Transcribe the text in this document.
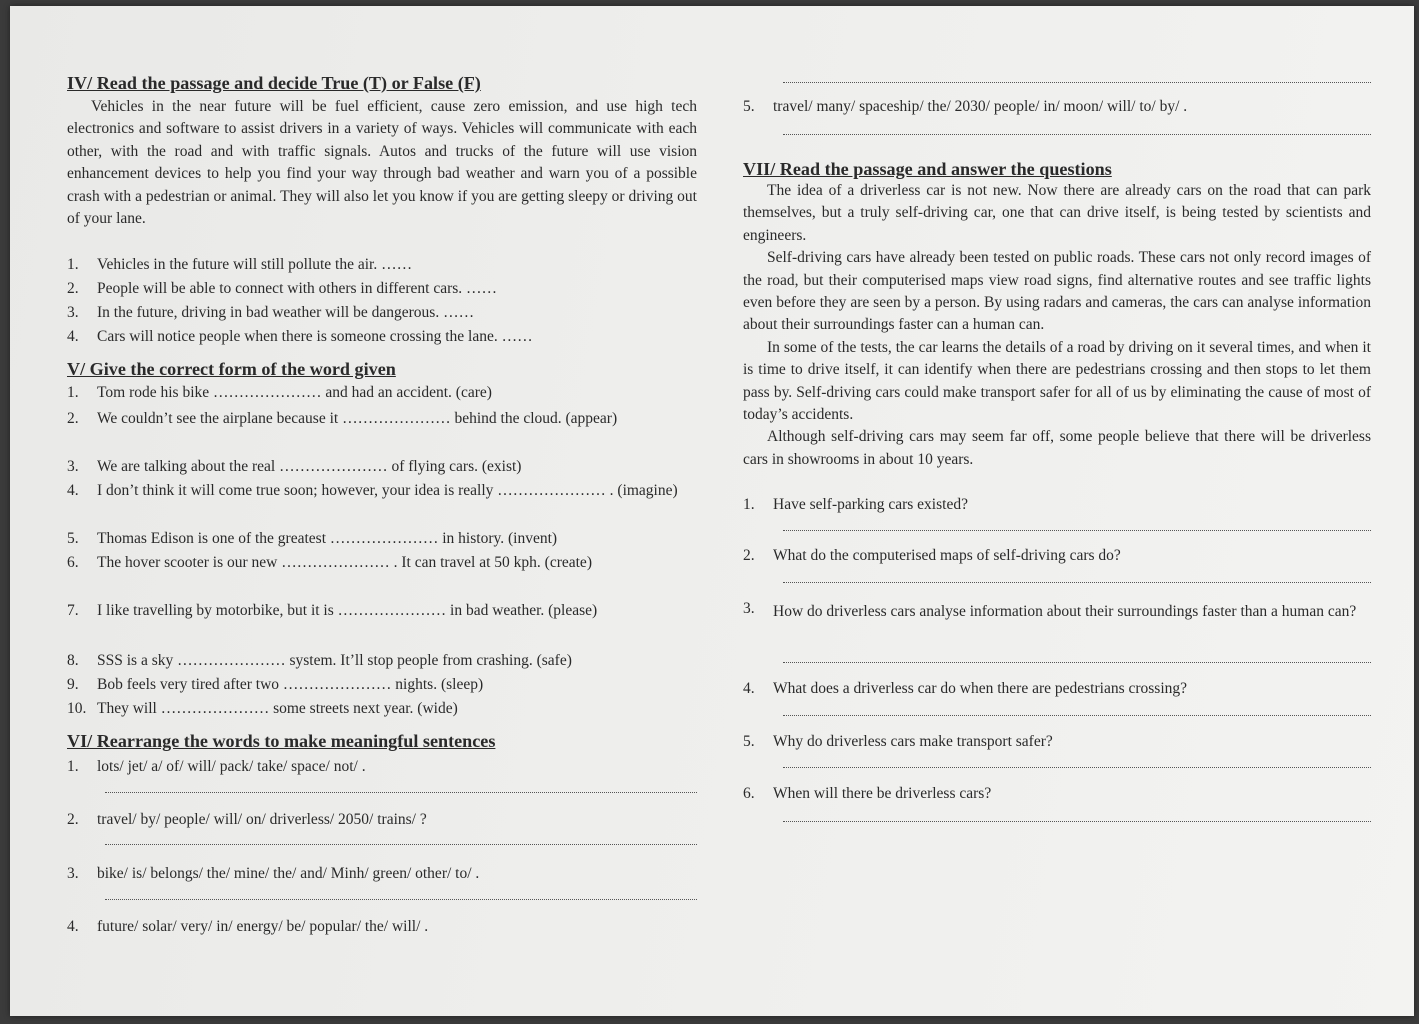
IV/ Read the passage and decide True (T) or False (F)

Vehicles in the near future will be fuel efficient, cause zero emission, and use high tech electronics and software to assist drivers in a variety of ways. Vehicles will communicate with each other, with the road and with traffic signals. Autos and trucks of the future will use vision enhancement devices to help you find your way through bad weather and warn you of a possible crash with a pedestrian or animal. They will also let you know if you are getting sleepy or driving out of your lane.

1.	Vehicles in the future will still pollute the air. ……
2.	People will be able to connect with others in different cars. ……
3.	In the future, driving in bad weather will be dangerous. ……
4.	Cars will notice people when there is someone crossing the lane. ……
V/ Give the correct form of the word given
1.	Tom rode his bike ………………… and had an accident. (care)
2.	We couldn’t see the airplane because it ………………… behind the cloud. (appear)
3.	We are talking about the real ………………… of flying cars. (exist)
4.	I don’t think it will come true soon; however, your idea is really ………………… . (imagine)
5.	Thomas Edison is one of the greatest ………………… in history. (invent)
6.	The hover scooter is our new ………………… . It can travel at 50 kph. (create)
7.	I like travelling by motorbike, but it is ………………… in bad weather. (please)
8.	SSS is a sky ………………… system. It’ll stop people from crashing. (safe)
9.	Bob feels very tired after two ………………… nights. (sleep)
10. They will ………………… some streets next year. (wide)
VI/ Rearrange the words to make meaningful sentences
1.	lots/ jet/ a/ of/ will/ pack/ take/ space/ not/ .
2.	travel/ by/ people/ will/ on/ driverless/ 2050/ trains/ ?
3.	bike/ is/ belongs/ the/ mine/ the/ and/ Minh/ green/ other/ to/ .
4.	future/ solar/ very/ in/ energy/ be/ popular/ the/ will/ .
5.	travel/ many/ spaceship/ the/ 2030/ people/ in/ moon/ will/ to/ by/ .
VII/ Read the passage and answer the questions

The idea of a driverless car is not new. Now there are already cars on the road that can park themselves, but a truly self-driving car, one that can drive itself, is being tested by scientists and engineers.

Self-driving cars have already been tested on public roads. These cars not only record images of the road, but their computerised maps view road signs, find alternative routes and see traffic lights even before they are seen by a person. By using radars and cameras, the cars can analyse information about their surroundings faster can a human can.

In some of the tests, the car learns the details of a road by driving on it several times, and when it is time to drive itself, it can identify when there are pedestrians crossing and then stops to let them pass by. Self-driving cars could make transport safer for all of us by eliminating the cause of most of today’s accidents.

Although self-driving cars may seem far off, some people believe that there will be driverless cars in showrooms in about 10 years.

1.	Have self-parking cars existed?
2.	What do the computerised maps of self-driving cars do?
3.	How do driverless cars analyse information about their surroundings faster than a human can?
4.	What does a driverless car do when there are pedestrians crossing?
5.	Why do driverless cars make transport safer?
6.	When will there be driverless cars?
